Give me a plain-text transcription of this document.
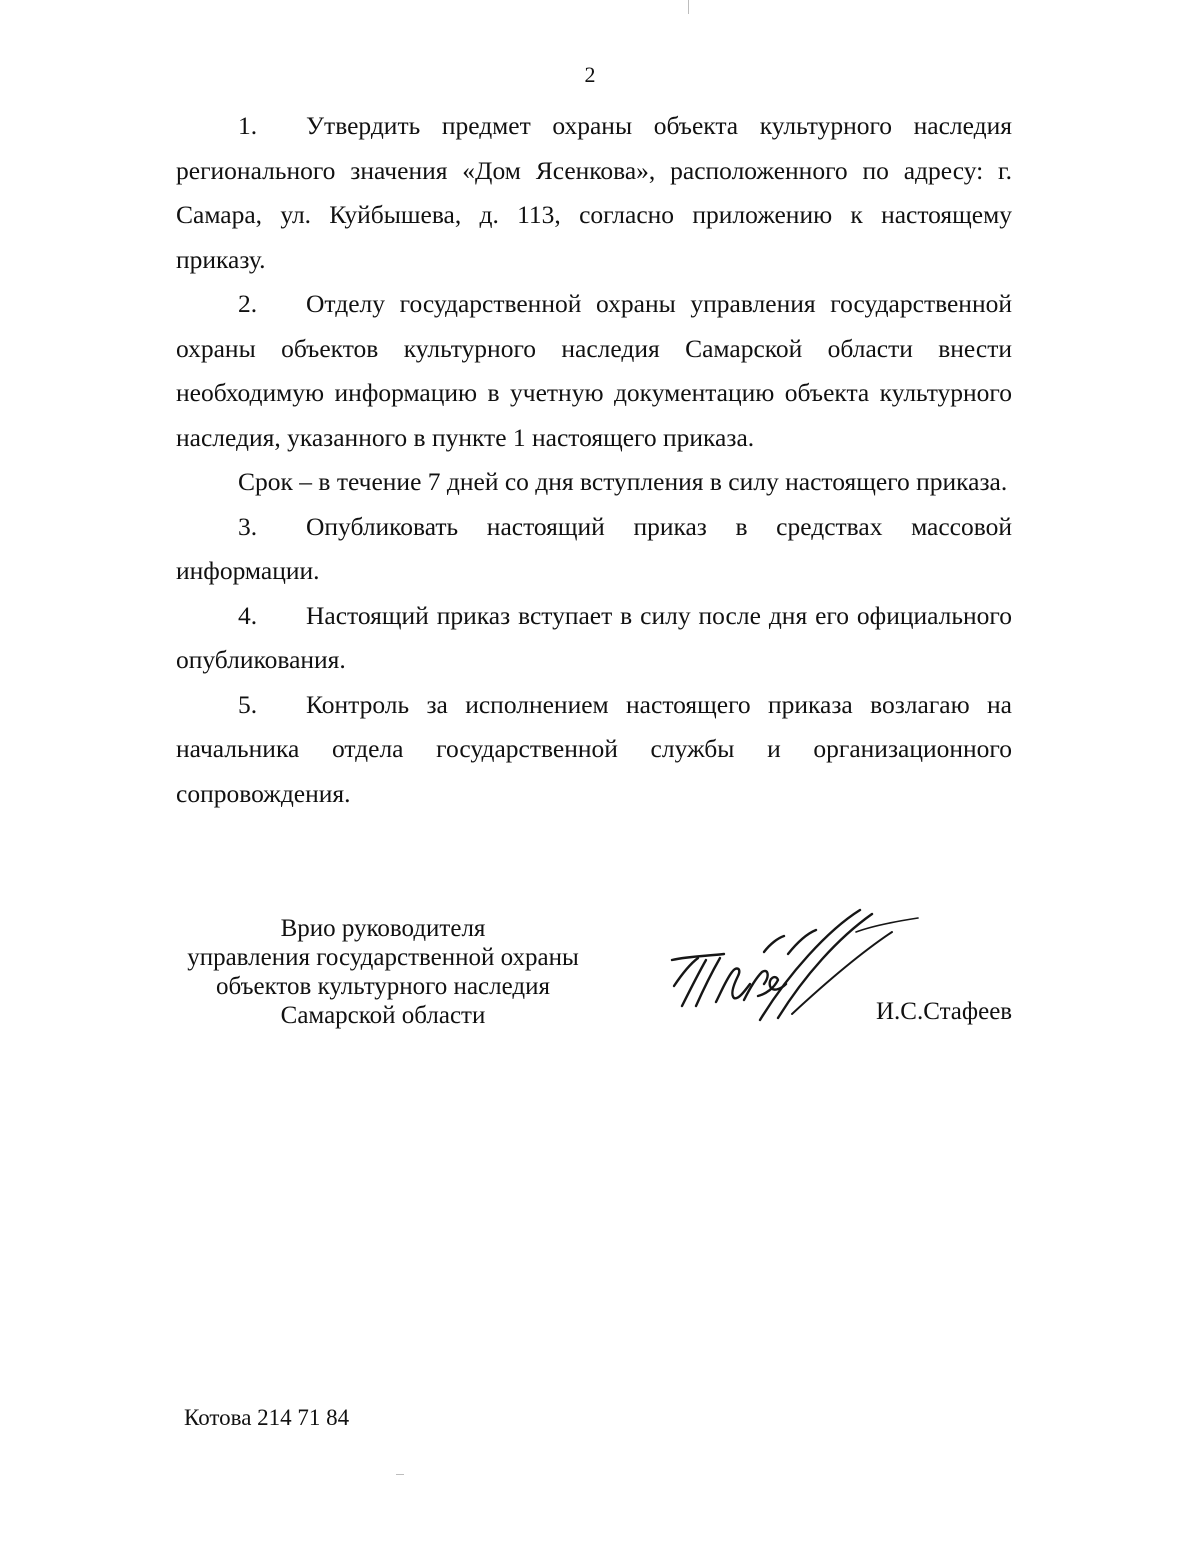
2

1. Утвердить предмет охраны объекта культурного наследия регионального значения «Дом Ясенкова», расположенного по адресу: г. Самара, ул. Куйбышева, д. 113, согласно приложению к настоящему приказу.

2. Отделу государственной охраны управления государственной охраны объектов культурного наследия Самарской области внести необходимую информацию в учетную документацию объекта культурного наследия, указанного в пункте 1 настоящего приказа.

Срок – в течение 7 дней со дня вступления в силу настоящего приказа.

3. Опубликовать настоящий приказ в средствах массовой информации.

4. Настоящий приказ вступает в силу после дня его официального опубликования.

5. Контроль за исполнением настоящего приказа возлагаю на начальника отдела государственной службы и организационного сопровождения.

Врио руководителя
управления государственной охраны
объектов культурного наследия
Самарской области	И.С.Стафеев
Котова 214 71 84
